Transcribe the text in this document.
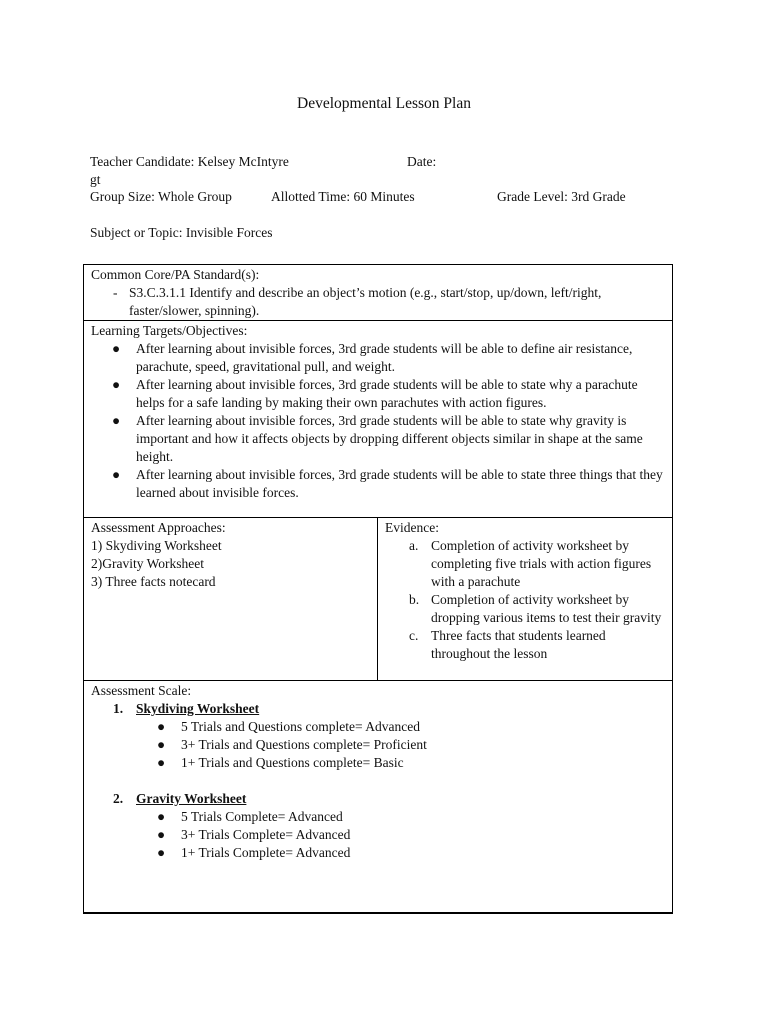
Developmental Lesson Plan
Teacher Candidate: Kelsey McIntyre	Date:
gt
Group Size: Whole Group	Allotted Time: 60 Minutes	Grade Level: 3rd Grade
Subject or Topic: Invisible Forces
Common Core/PA Standard(s):
- S3.C.3.1.1 Identify and describe an object’s motion (e.g., start/stop, up/down, left/right, faster/slower, spinning).

Learning Targets/Objectives:
● After learning about invisible forces, 3rd grade students will be able to define air resistance, parachute, speed, gravitational pull, and weight.
● After learning about invisible forces, 3rd grade students will be able to state why a parachute helps for a safe landing by making their own parachutes with action figures.
● After learning about invisible forces, 3rd grade students will be able to state why gravity is important and how it affects objects by dropping different objects similar in shape at the same height.
● After learning about invisible forces, 3rd grade students will be able to state three things that they learned about invisible forces.

Assessment Approaches:
1) Skydiving Worksheet
2)Gravity Worksheet
3) Three facts notecard

Evidence:
a. Completion of activity worksheet by completing five trials with action figures with a parachute
b. Completion of activity worksheet by dropping various items to test their gravity
c. Three facts that students learned throughout the lesson

Assessment Scale:
1. Skydiving Worksheet
● 5 Trials and Questions complete= Advanced
● 3+ Trials and Questions complete= Proficient
● 1+ Trials and Questions complete= Basic
2. Gravity Worksheet
● 5 Trials Complete= Advanced
● 3+ Trials Complete= Advanced
● 1+ Trials Complete= Advanced
